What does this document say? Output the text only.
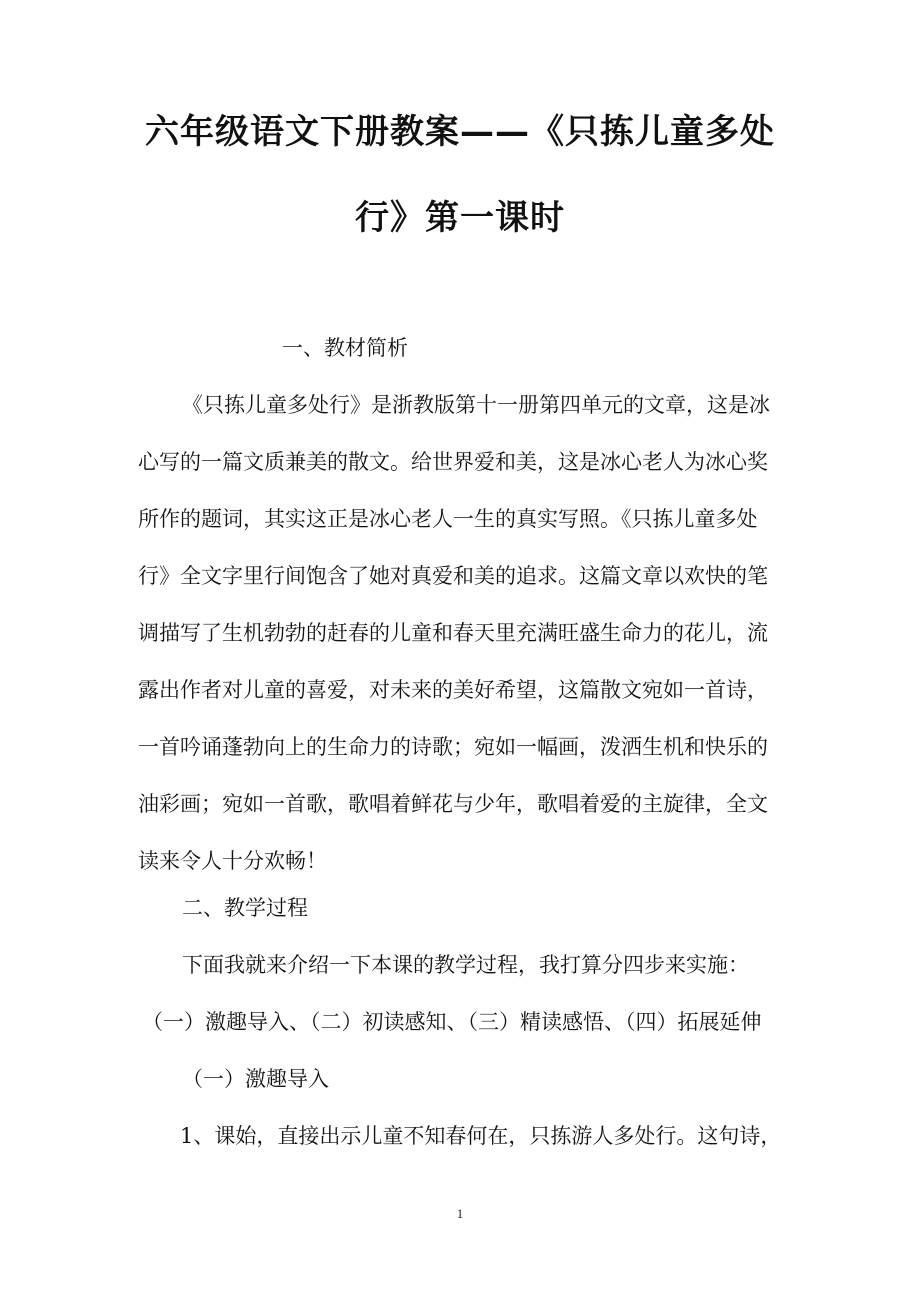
六年级语文下册教案——《只拣儿童多处
行》第一课时
一、教材简析
《只拣儿童多处行》是浙教版第十一册第四单元的文章，这是冰
心写的一篇文质兼美的散文。给世界爱和美，这是冰心老人为冰心奖
所作的题词，其实这正是冰心老人一生的真实写照。《只拣儿童多处
行》全文字里行间饱含了她对真爱和美的追求。这篇文章以欢快的笔
调描写了生机勃勃的赶春的儿童和春天里充满旺盛生命力的花儿，流
露出作者对儿童的喜爱，对未来的美好希望，这篇散文宛如一首诗，
一首吟诵蓬勃向上的生命力的诗歌；宛如一幅画，泼洒生机和快乐的
油彩画；宛如一首歌，歌唱着鲜花与少年，歌唱着爱的主旋律，全文
读来令人十分欢畅！
二、教学过程
下面我就来介绍一下本课的教学过程，我打算分四步来实施：
（一）激趣导入、（二）初读感知、（三）精读感悟、（四）拓展延伸
（一）激趣导入
1、课始，直接出示儿童不知春何在，只拣游人多处行。这句诗，
1
